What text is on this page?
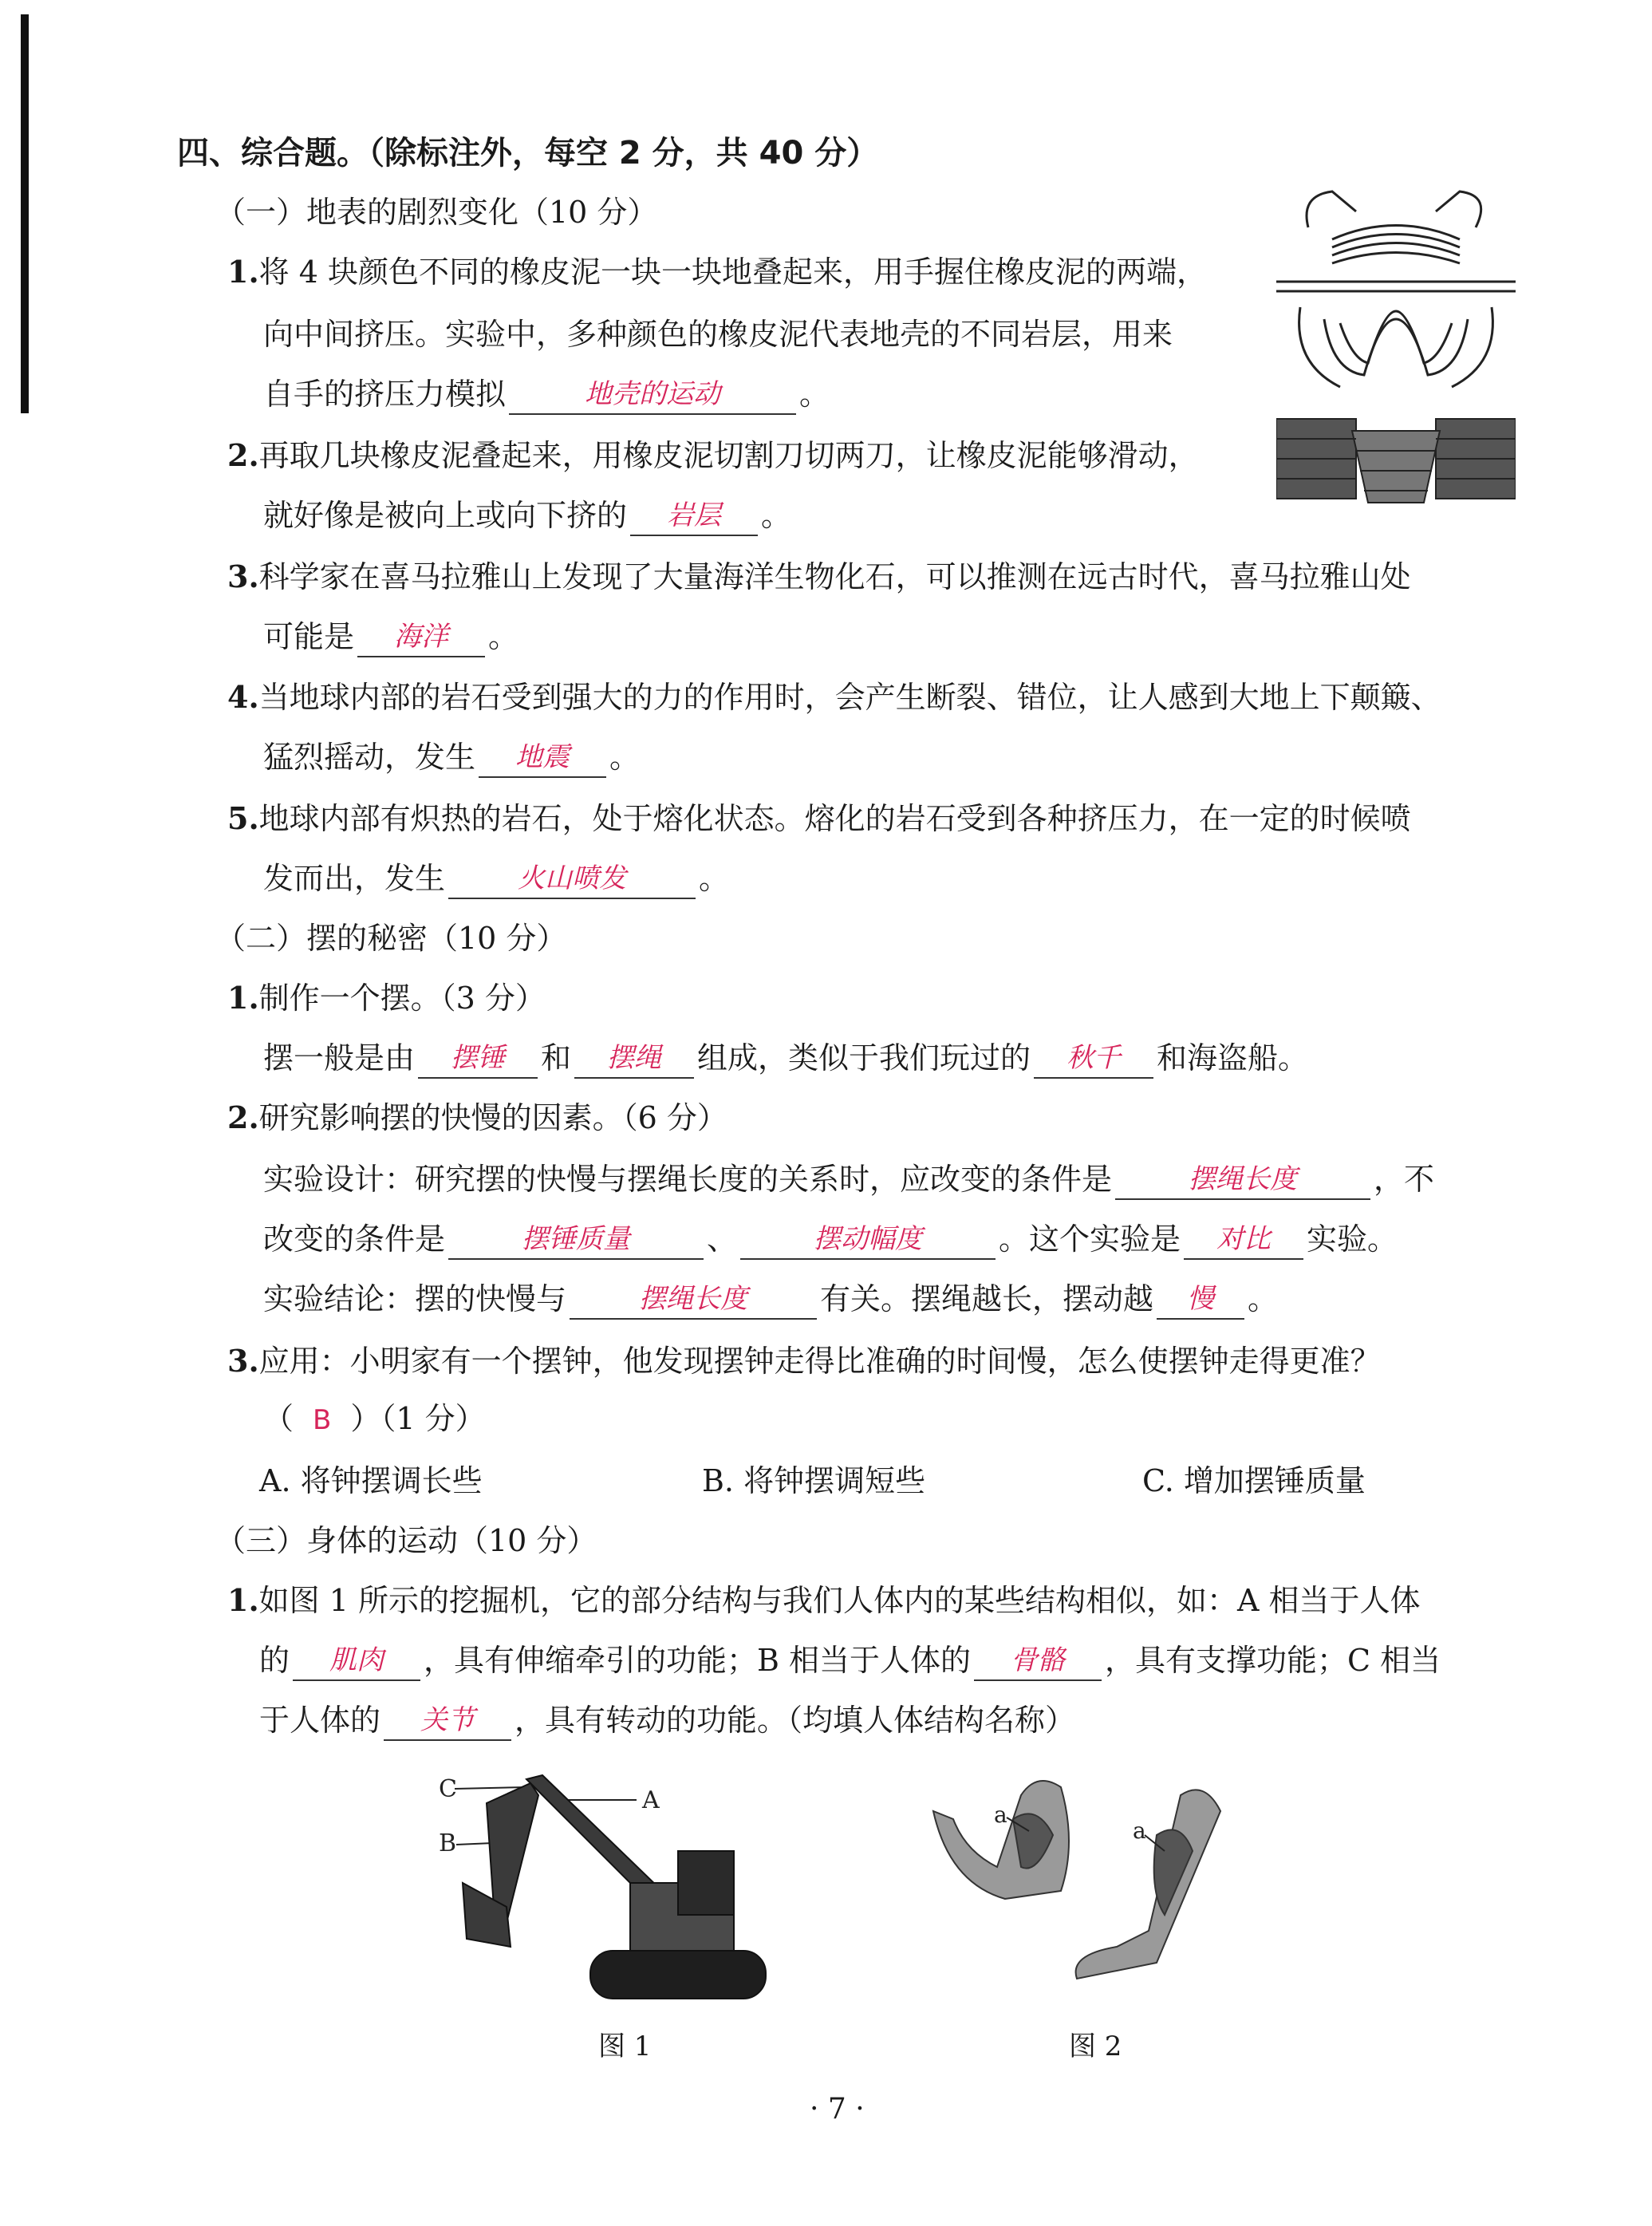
四、综合题。（除标注外，每空 2 分，共 40 分）
（一）地表的剧烈变化（10 分）
1.将 4 块颜色不同的橡皮泥一块一块地叠起来，用手握住橡皮泥的两端，
向中间挤压。实验中，多种颜色的橡皮泥代表地壳的不同岩层，用来
自手的挤压力模拟	地壳的运动	。
2.再取几块橡皮泥叠起来，用橡皮泥切割刀切两刀，让橡皮泥能够滑动，
就好像是被向上或向下挤的 岩层 。
3.科学家在喜马拉雅山上发现了大量海洋生物化石，可以推测在远古时代，喜马拉雅山处
可能是 海洋 。
4.当地球内部的岩石受到强大的力的作用时，会产生断裂、错位，让人感到大地上下颠簸、
猛烈摇动，发生 地震 。
5.地球内部有炽热的岩石，处于熔化状态。熔化的岩石受到各种挤压力，在一定的时候喷
发而出，发生	火山喷发 。
（二）摆的秘密（10 分）
1.制作一个摆。（3 分）
摆一般是由 摆锤 和 摆绳 组成，类似于我们玩过的 秋千 和海盗船。
2.研究影响摆的快慢的因素。（6 分）
实验设计：研究摆的快慢与摆绳长度的关系时，应改变的条件是	摆绳长度	，不
改变的条件是	摆锤质量	、	摆动幅度	。这个实验是 对比 实验。
实验结论：摆的快慢与	摆绳长度 有关。摆绳越长，摆动越 慢 。
3.应用：小明家有一个摆钟，他发现摆钟走得比准确的时间慢，怎么使摆钟走得更准？
（ B ）（1 分）
A. 将钟摆调长些	B. 将钟摆调短些	C. 增加摆锤质量
（三）身体的运动（10 分）
1.如图 1 所示的挖掘机，它的部分结构与我们人体内的某些结构相似，如：A 相当于人体
的 肌肉 ，具有伸缩牵引的功能；B 相当于人体的 骨骼 ，具有支撑功能；C 相当
于人体的 关节 ，具有转动的功能。（均填人体结构名称）
C	A
B
图 1
a
a
图 2
· 7 ·
